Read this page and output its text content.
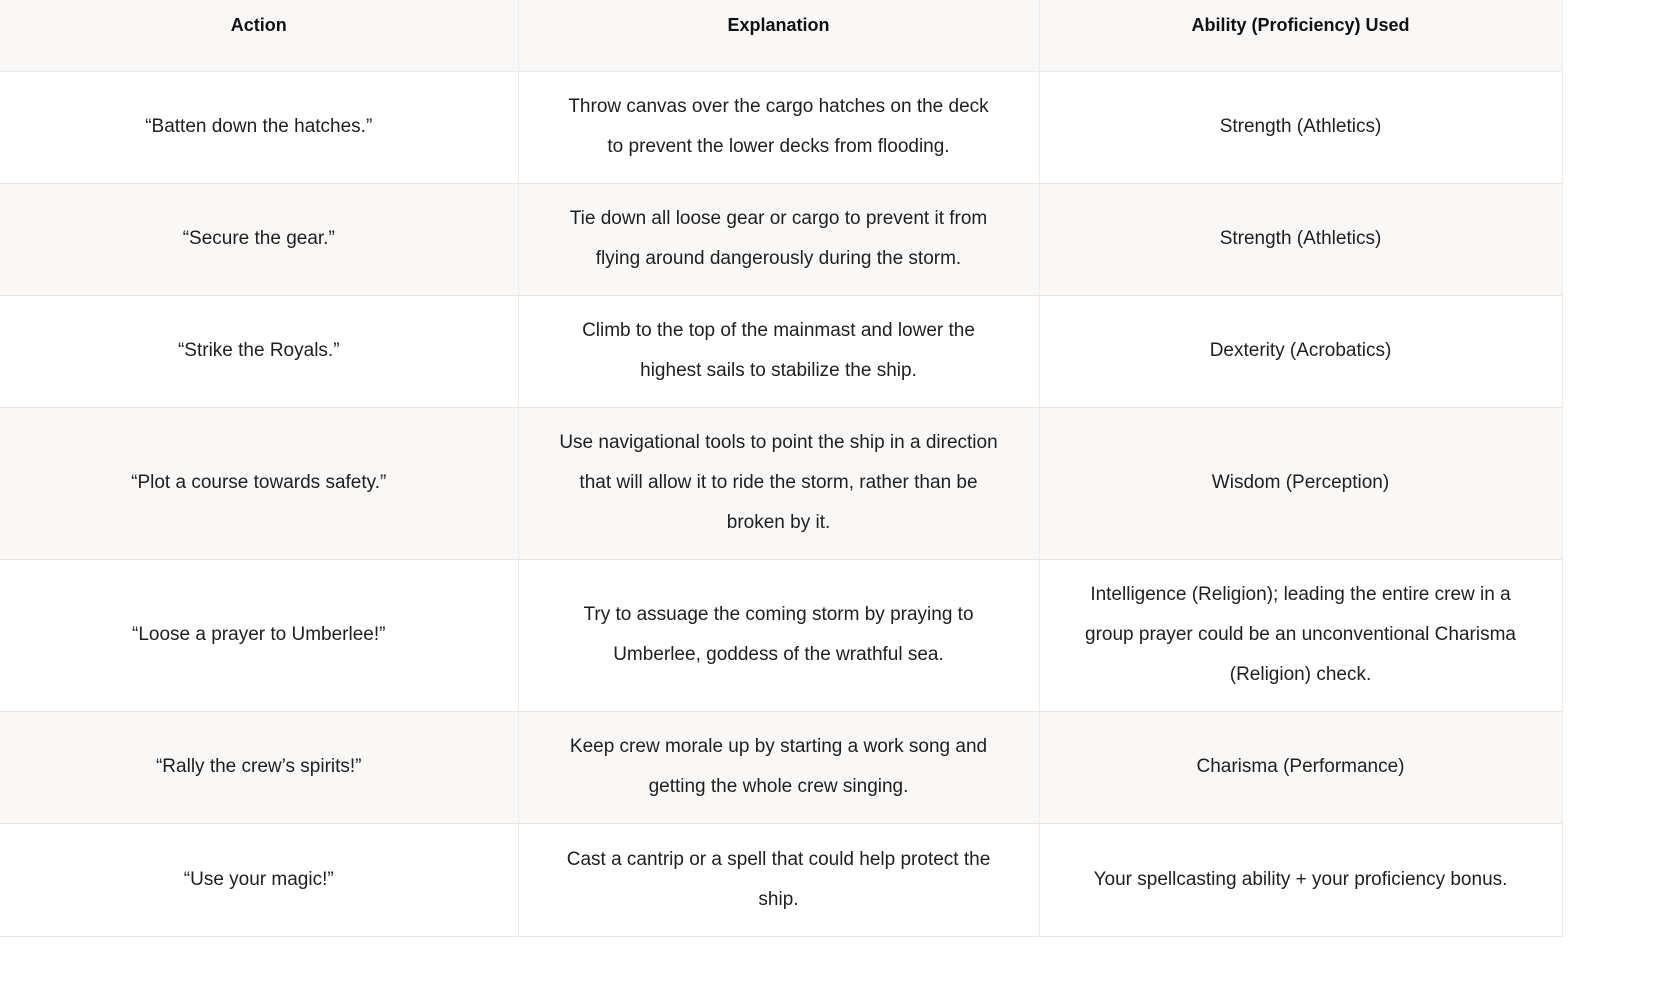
Action	Explanation	Ability (Proficiency) Used
“Batten down the hatches.”	Throw canvas over the cargo hatches on the deck to prevent the lower decks from flooding.	Strength (Athletics)
“Secure the gear.”	Tie down all loose gear or cargo to prevent it from flying around dangerously during the storm.	Strength (Athletics)
“Strike the Royals.”	Climb to the top of the mainmast and lower the highest sails to stabilize the ship.	Dexterity (Acrobatics)
“Plot a course towards safety.”	Use navigational tools to point the ship in a direction that will allow it to ride the storm, rather than be broken by it.	Wisdom (Perception)
“Loose a prayer to Umberlee!”	Try to assuage the coming storm by praying to Umberlee, goddess of the wrathful sea.	Intelligence (Religion); leading the entire crew in a group prayer could be an unconventional Charisma (Religion) check.
“Rally the crew’s spirits!”	Keep crew morale up by starting a work song and getting the whole crew singing.	Charisma (Performance)
“Use your magic!”	Cast a cantrip or a spell that could help protect the ship.	Your spellcasting ability + your proficiency bonus.
